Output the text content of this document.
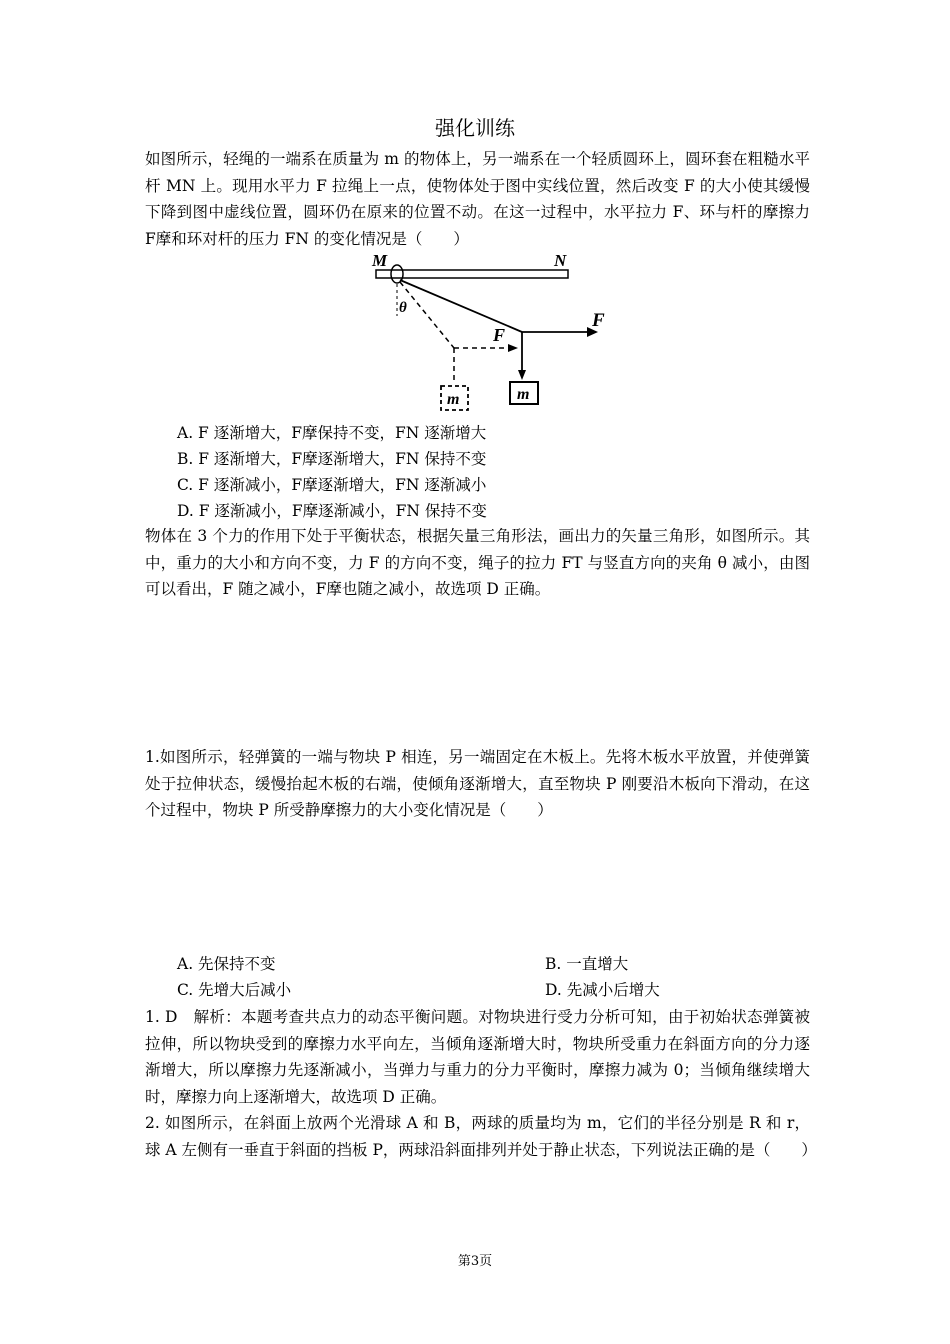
强化训练
如图所示，轻绳的一端系在质量为 m 的物体上，另一端系在一个轻质圆环上，圆环套在粗糙水平杆 MN 上。现用水平力 F 拉绳上一点，使物体处于图中实线位置，然后改变 F 的大小使其缓慢下降到图中虚线位置，圆环仍在原来的位置不动。在这一过程中，水平拉力 F、环与杆的摩擦力 F摩和环对杆的压力 FN 的变化情况是（　　）
M	N
θ
F
m
F
m
A. F 逐渐增大，F摩保持不变，FN 逐渐增大
B. F 逐渐增大，F摩逐渐增大，FN 保持不变
C. F 逐渐减小，F摩逐渐增大，FN 逐渐减小
D. F 逐渐减小，F摩逐渐减小，FN 保持不变
物体在 3 个力的作用下处于平衡状态，根据矢量三角形法，画出力的矢量三角形，如图所示。其中，重力的大小和方向不变，力 F 的方向不变，绳子的拉力 FT 与竖直方向的夹角 θ 减小，由图可以看出，F 随之减小，F摩也随之减小，故选项 D 正确。
1.如图所示，轻弹簧的一端与物块 P 相连，另一端固定在木板上。先将木板水平放置，并使弹簧处于拉伸状态，缓慢抬起木板的右端，使倾角逐渐增大，直至物块 P 刚要沿木板向下滑动，在这个过程中，物块 P 所受静摩擦力的大小变化情况是（　　）
A. 先保持不变	B. 一直增大
C. 先增大后减小	D. 先减小后增大
1. D　解析：本题考查共点力的动态平衡问题。对物块进行受力分析可知，由于初始状态弹簧被拉伸，所以物块受到的摩擦力水平向左，当倾角逐渐增大时，物块所受重力在斜面方向的分力逐渐增大，所以摩擦力先逐渐减小，当弹力与重力的分力平衡时，摩擦力减为 0；当倾角继续增大时，摩擦力向上逐渐增大，故选项 D 正确。
2. 如图所示，在斜面上放两个光滑球 A 和 B，两球的质量均为 m，它们的半径分别是 R 和 r，球 A 左侧有一垂直于斜面的挡板 P，两球沿斜面排列并处于静止状态，下列说法正确的是（　　）
第3页
